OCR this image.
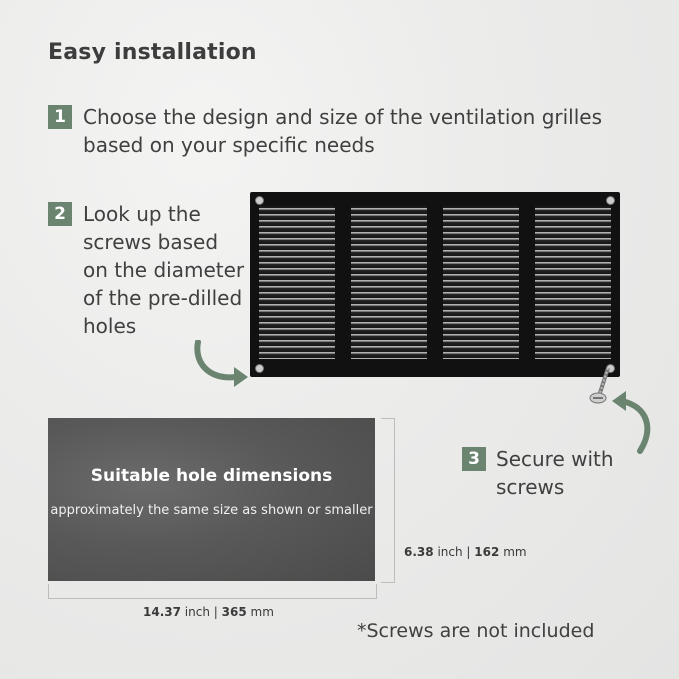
Easy installation
1 Choose the design and size of the ventilation grilles based on your specific needs
2 Look up the screws based on the diameter of the pre-dilled holes
3 Secure with screws
Suitable hole dimensions
approximately the same size as shown or smaller
6.38 inch | 162 mm
14.37 inch | 365 mm
*Screws are not included
